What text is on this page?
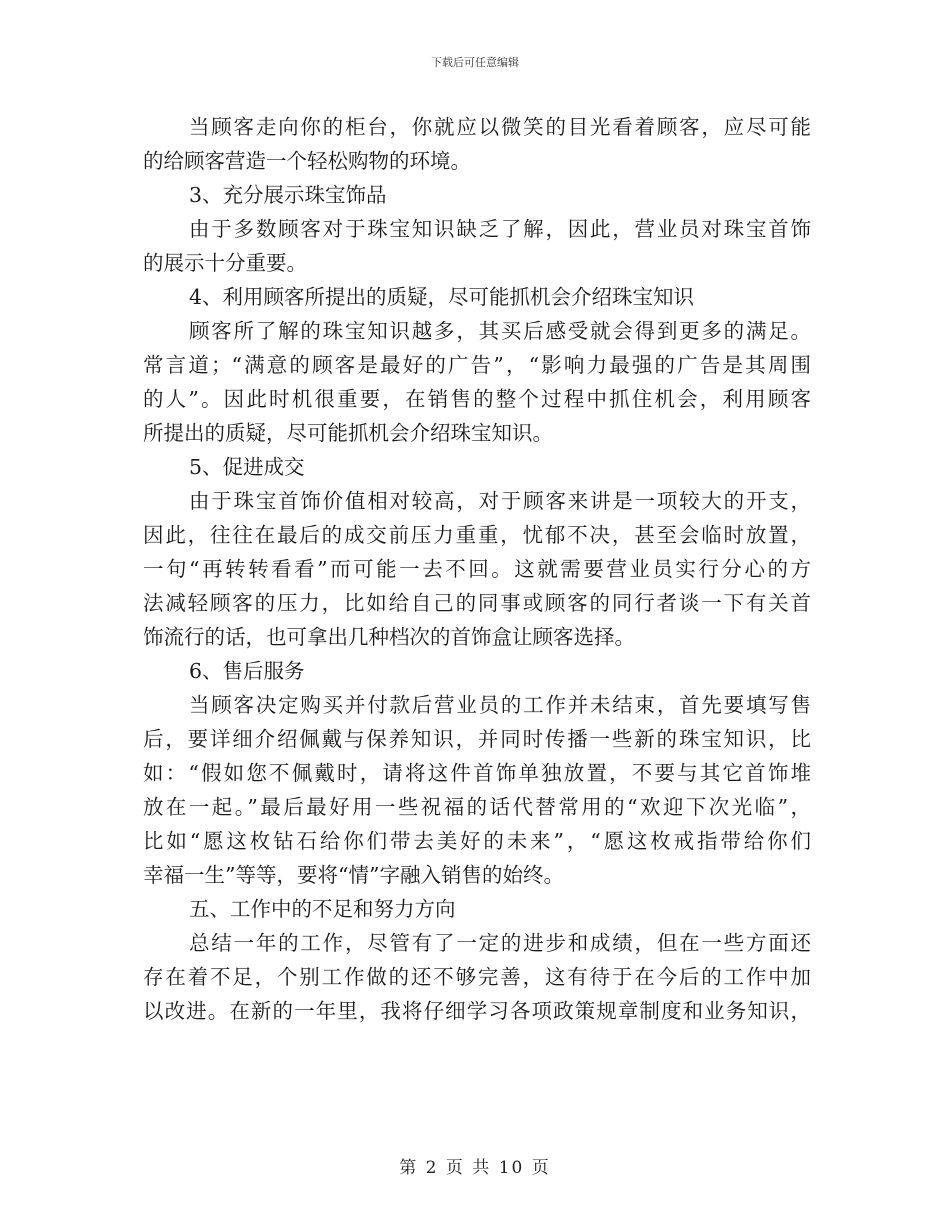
下载后可任意编辑
当顾客走向你的柜台，你就应以微笑的目光看着顾客，应尽可能
的给顾客营造一个轻松购物的环境。
3、充分展示珠宝饰品
由于多数顾客对于珠宝知识缺乏了解，因此，营业员对珠宝首饰
的展示十分重要。
4、利用顾客所提出的质疑，尽可能抓机会介绍珠宝知识
顾客所了解的珠宝知识越多，其买后感受就会得到更多的满足。
常言道；“满意的顾客是最好的广告”，“影响力最强的广告是其周围
的人”。因此时机很重要，在销售的整个过程中抓住机会，利用顾客
所提出的质疑，尽可能抓机会介绍珠宝知识。
5、促进成交
由于珠宝首饰价值相对较高，对于顾客来讲是一项较大的开支，
因此，往往在最后的成交前压力重重，忧郁不决，甚至会临时放置，
一句“再转转看看”而可能一去不回。这就需要营业员实行分心的方
法减轻顾客的压力，比如给自己的同事或顾客的同行者谈一下有关首
饰流行的话，也可拿出几种档次的首饰盒让顾客选择。
6、售后服务
当顾客决定购买并付款后营业员的工作并未结束，首先要填写售
后，要详细介绍佩戴与保养知识，并同时传播一些新的珠宝知识，比
如：“假如您不佩戴时，请将这件首饰单独放置，不要与其它首饰堆
放在一起。”最后最好用一些祝福的话代替常用的“欢迎下次光临”，
比如“愿这枚钻石给你们带去美好的未来”，“愿这枚戒指带给你们
幸福一生”等等，要将“情”字融入销售的始终。
五、工作中的不足和努力方向
总结一年的工作，尽管有了一定的进步和成绩，但在一些方面还
存在着不足，个别工作做的还不够完善，这有待于在今后的工作中加
以改进。在新的一年里，我将仔细学习各项政策规章制度和业务知识，
第 2 页 共 10 页
